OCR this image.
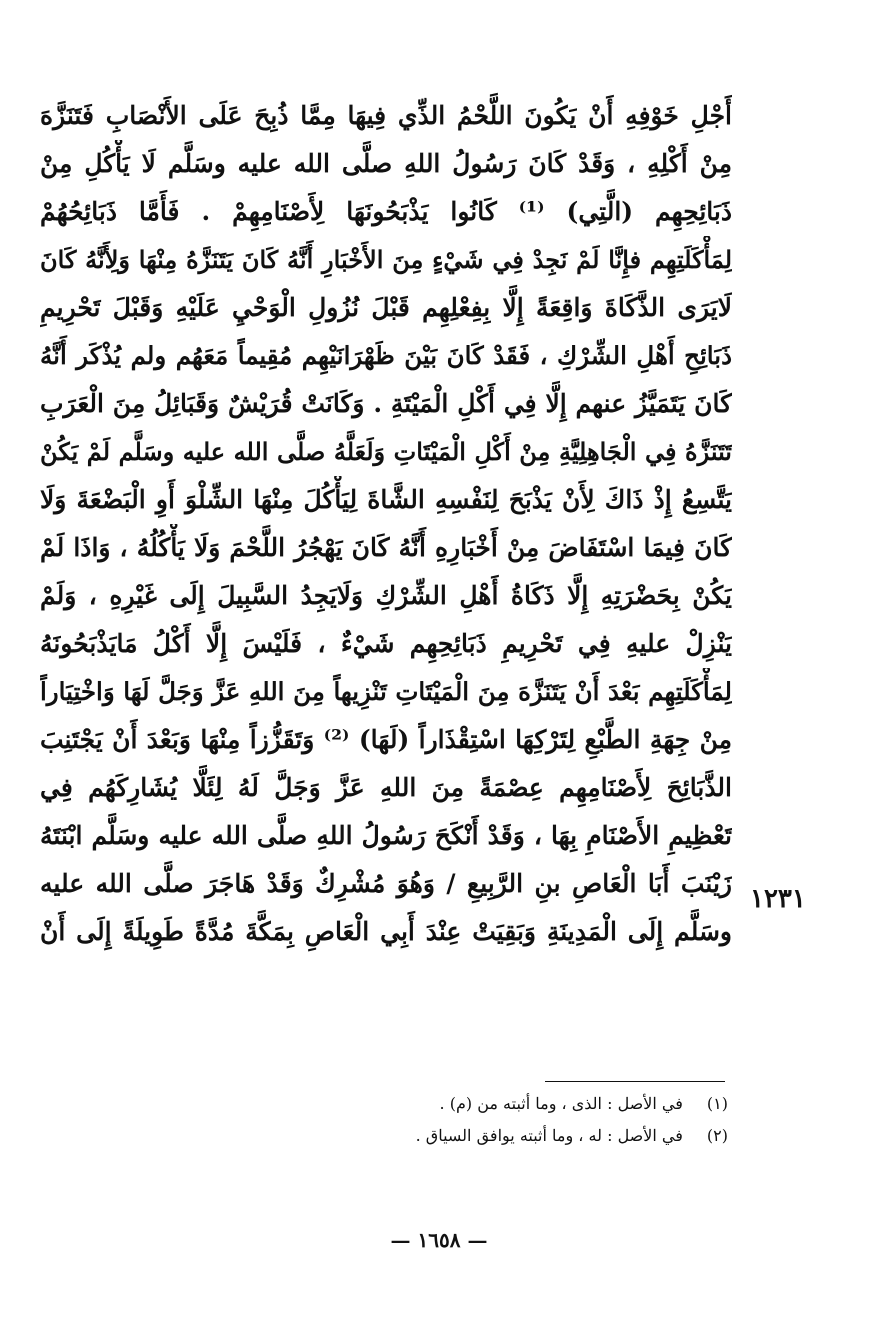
أَجْلِ خَوْفِهِ أَنْ يَكُونَ اللَّحْمُ الذِّي فِيهَا مِمَّا ذُبِحَ عَلَى الأَنْصَابِ فَتَنَزَّهَ
مِنْ أَكْلِهِ ، وَقَدْ كَانَ رَسُولُ اللهِ صلَّى الله عليه وسَلَّم لَا يَأْكُلِ مِنْ
ذَبَائِحِهِم (الَّتِي) ⁽¹⁾ كَانُوا يَذْبَحُونَهَا لِأَصْنَامِهِمْ . فَأَمَّا ذَبَائِحُهُمْ
لِمَأْكَلَتِهِم فإِنَّا لَمْ نَجِدْ فِي شَيْءٍ مِنَ الأَخْبَارِ أَنَّهُ كَانَ يَتَنَزَّهُ مِنْهَا وَلِأَنَّهُ كَانَ
لَايَرَى الذَّكَاةَ وَاقِعَةً إِلَّا بِفِعْلِهِم قَبْلَ نُزُولِ الْوَحْيِ عَلَيْهِ وَقَبْلَ تَحْرِيمِ
ذَبَائِحِ أَهْلِ الشِّرْكِ ، فَقَدْ كَانَ بَيْنَ ظَهْرَانَيْهِم مُقِيماً مَعَهُم ولم يُذْكَر أَنَّهُ
كَانَ يَتَمَيَّزُ عنهم إِلَّا فِي أَكْلِ الْمَيْتَةِ . وَكَانَتْ قُرَيْشٌ وَقَبَائِلُ مِنَ الْعَرَبِ
تَتَنَزَّهُ فِي الْجَاهِلِيَّةِ مِنْ أَكْلِ الْمَيْتَاتِ وَلَعَلَّهُ صلَّى الله عليه وسَلَّم لَمْ يَكُنْ
يَتَّسِعُ إِذْ ذَاكَ لِأَنْ يَذْبَحَ لِنَفْسِهِ الشَّاةَ لِيَأْكُلَ مِنْهَا الشِّلْوَ أَوِ الْبَضْعَةَ وَلَا
كَانَ فِيمَا اسْتَفَاضَ مِنْ أَخْبَارِهِ أَنَّهُ كَانَ يَهْجُرُ اللَّحْمَ وَلَا يَأْكُلُهُ ، وَاذَا لَمْ
يَكُنْ بِحَضْرَتِهِ إِلَّا ذَكَاةُ أَهْلِ الشِّرْكِ وَلَايَجِدُ السَّبِيلَ إِلَى غَيْرِهِ ، وَلَمْ
يَنْزِلْ عليهِ فِي تَحْرِيمِ ذَبَائِحِهِم شَيْءٌ ، فَلَيْسَ إِلَّا أَكْلُ مَايَذْبَحُونَهُ
لِمَأْكَلَتِهِم بَعْدَ أَنْ يَتَنَزَّهَ مِنَ الْمَيْتَاتِ تَنْزِيهاً مِنَ اللهِ عَزَّ وَجَلَّ لَهَا وَاخْتِيَاراً
مِنْ جِهَةِ الطَّبْعِ لِتَرْكِهَا اسْتِقْذَاراً (لَهَا) ⁽²⁾ وَتَقَزُّزاً مِنْهَا وَبَعْدَ أَنْ يَجْتَنِبَ
الذَّبَائِحَ لِأَصْنَامِهِم عِصْمَةً مِنَ اللهِ عَزَّ وَجَلَّ لَهُ لِئَلَّا يُشَارِكَهُم فِي
تَعْظِيمِ الأَصْنَامِ بِهَا ، وَقَدْ أَنْكَحَ رَسُولُ اللهِ صلَّى الله عليه وسَلَّم ابْنَتَهُ
زَيْنَبَ أَبَا الْعَاصِ بنِ الرَّبِيعِ / وَهُوَ مُشْرِكٌ وَقَدْ هَاجَرَ صلَّى الله عليه
وسَلَّم إِلَى الْمَدِينَةِ وَبَقِيَتْ عِنْدَ أَبِي الْعَاصِ بِمَكَّةَ مُدَّةً طَوِيلَةً إِلَى أَنْ
١٢٣١
(١) في الأصل : الذى ، وما أثبته من (م) .
(٢) في الأصل : له ، وما أثبته يوافق السياق .
— ١٦٥٨ —
